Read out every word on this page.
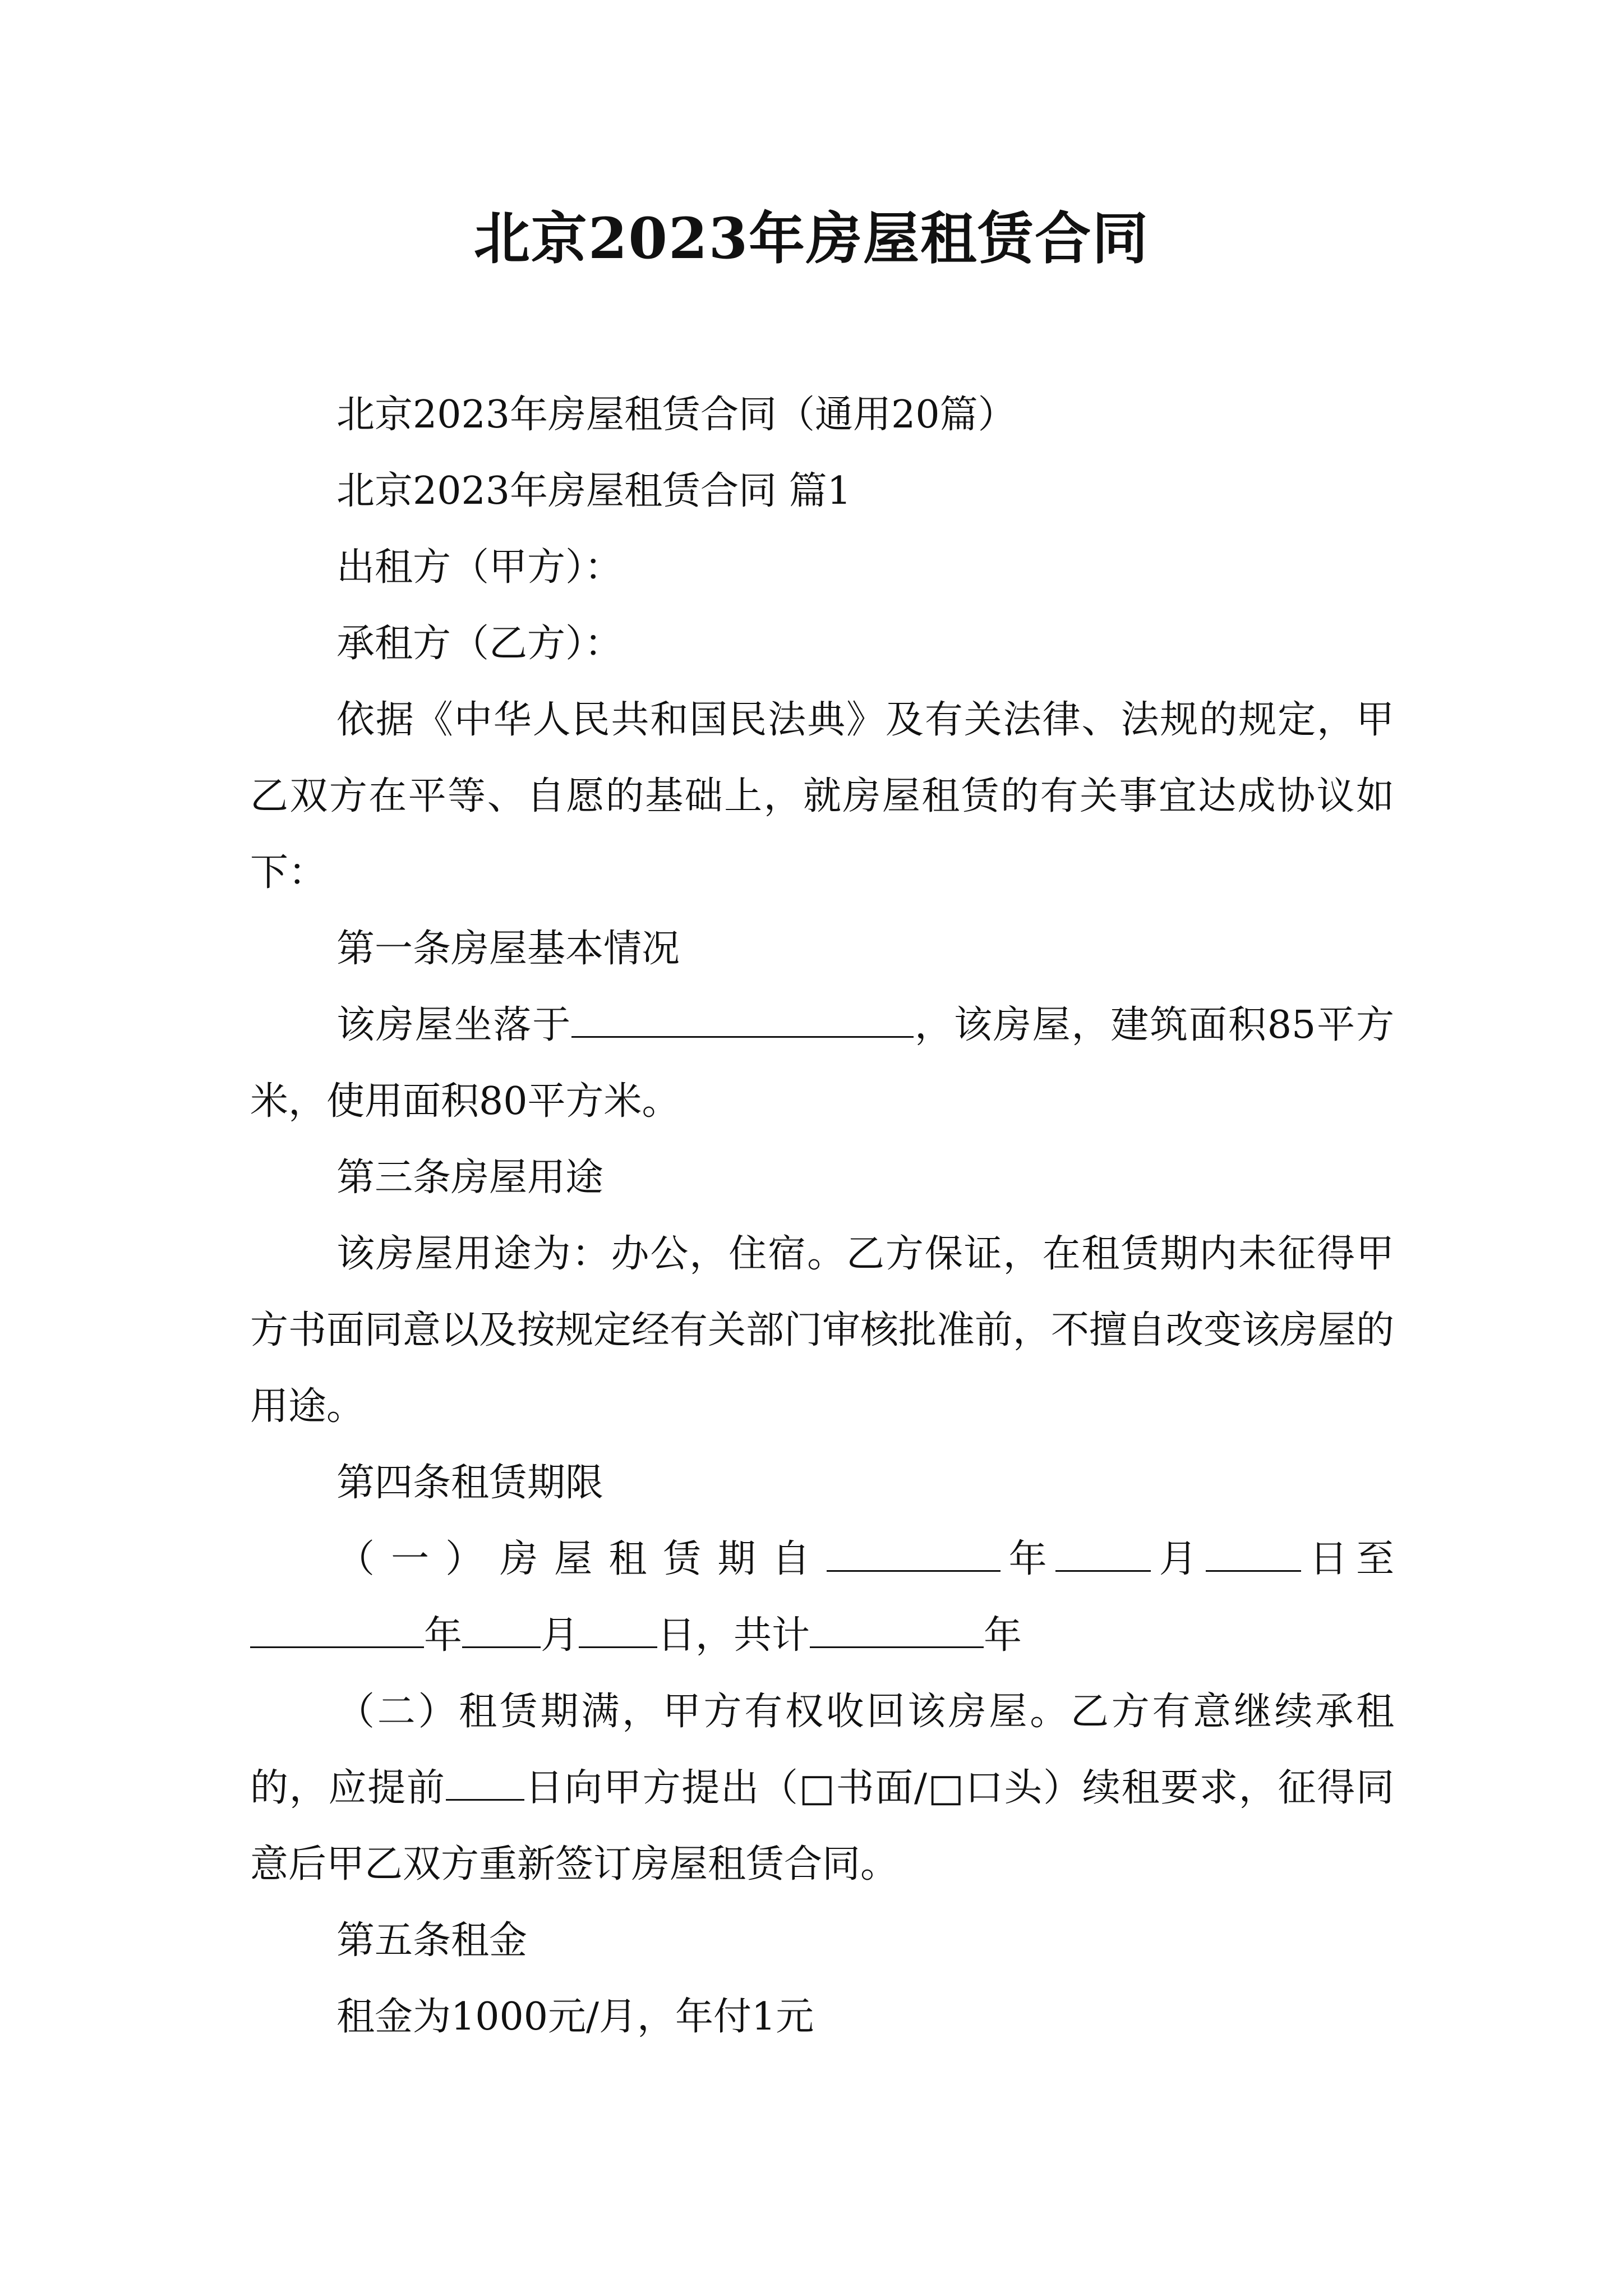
北京2023年房屋租赁合同

北京2023年房屋租赁合同（通用20篇）

北京2023年房屋租赁合同 篇1

出租方（甲方）：

承租方（乙方）：

依据《中华人民共和国民法典》及有关法律、法规的规定，甲乙双方在平等、自愿的基础上，就房屋租赁的有关事宜达成协议如下：

第一条房屋基本情况

该房屋坐落于	，该房屋，建筑面积85平方米，使用面积80平方米。

第三条房屋用途

该房屋用途为：办公，住宿。乙方保证，在租赁期内未征得甲方书面同意以及按规定经有关部门审核批准前，不擅自改变该房屋的用途。

第四条租赁期限

（一）房屋租赁期自	年	月	日至年 月 日，共计	年

（二）租赁期满，甲方有权收回该房屋。乙方有意继续承租的，应提前 日向甲方提出（□书面/□口头）续租要求，征得同意后甲乙双方重新签订房屋租赁合同。

第五条租金

租金为1000元/月，年付1元
